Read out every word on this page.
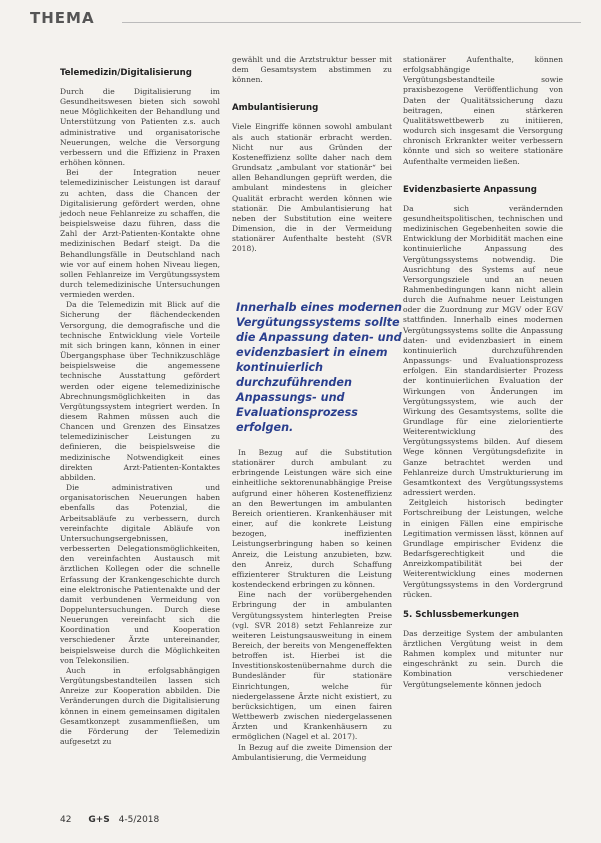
THEMA
Telemedizin/Digitalisierung

Durch die Digitalisierung im Gesundheitswesen bieten sich sowohl neue Möglichkeiten der Behandlung und Unterstützung von Patienten z.s. auch administrative und organisatorische Neuerungen, welche die Versorgung verbessern und die Effizienz in Praxen erhöhen können.

Bei der Integration neuer telemedizinischer Leistungen ist darauf zu achten, dass die Chancen der Digitalisierung gefördert werden, ohne jedoch neue Fehlanreize zu schaffen, die beispielsweise dazu führen, dass die Zahl der Arzt-Patienten-Kontakte ohne medizinischen Bedarf steigt. Da die Behandlungsfälle in Deutschland nach wie vor auf einem hohen Niveau liegen, sollen Fehlanreize im Vergütungssystem durch telemedizinische Untersuchungen vermieden werden.

Da die Telemedizin mit Blick auf die Sicherung der flächendeckenden Versorgung, die demografische und die technische Entwicklung viele Vorteile mit sich bringen kann, können in einer Übergangsphase über Technikzuschläge beispielsweise die angemessene technische Ausstattung gefördert werden oder eigene telemedizinische Abrechnungsmöglichkeiten in das Vergütungssystem integriert werden. In diesem Rahmen müssen auch die Chancen und Grenzen des Einsatzes telemedizinischer Leistungen zu definieren, die beispielsweise die medizinische Notwendigkeit eines direkten Arzt-Patienten-Kontaktes abbilden.

Die administrativen und organisatorischen Neuerungen haben ebenfalls das Potenzial, die Arbeitsabläufe zu verbessern, durch vereinfachte digitale Abläufe von Untersuchungsergebnissen, verbesserten Delegationsmöglichkeiten, den vereinfachten Austausch mit ärztlichen Kollegen oder die schnelle Erfassung der Krankengeschichte durch eine elektronische Patientenakte und der damit verbundenen Vermeidung von Doppeluntersuchungen. Durch diese Neuerungen vereinfacht sich die Koordination und Kooperation verschiedener Ärzte untereinander, beispielsweise durch die Möglichkeiten von Telekonsilien.

Auch in erfolgsabhängigen Vergütungsbestandteilen lassen sich Anreize zur Kooperation abbilden. Die Veränderungen durch die Digitalisierung können in einem gemeinsamen digitalen Gesamtkonzept zusammenfließen, um die Förderung der Telemedizin aufgesetzt zu

gewählt und die Arztstruktur besser mit dem Gesamtsystem abstimmen zu können.

Ambulantisierung

Viele Eingriffe können sowohl ambulant als auch stationär erbracht werden. Nicht nur aus Gründen der Kosteneffizienz sollte daher nach dem Grundsatz „ambulant vor stationär“ bei allen Behandlungen geprüft werden, die ambulant mindestens in gleicher Qualität erbracht werden können wie stationär. Die Ambulantisierung hat neben der Substitution eine weitere Dimension, die in der Vermeidung stationärer Aufenthalte besteht (SVR 2018).

Innerhalb eines modernen Vergütungssystems sollte die Anpassung daten- und evidenzbasiert in einem kontinuierlich durchzuführenden Anpassungs- und Evaluationsprozess erfolgen.

In Bezug auf die Substitution stationärer durch ambulant zu erbringende Leistungen wäre sich eine einheitliche sektorenunabhängige Preise aufgrund einer höheren Kosteneffizienz an den Bewertungen im ambulanten Bereich orientieren. Krankenhäuser mit einer, auf die konkrete Leistung bezogen, ineffizienten Leistungserbringung haben so keinen Anreiz, die Leistung anzubieten, bzw. den Anreiz, durch Schaffung effizienterer Strukturen die Leistung kostendeckend erbringen zu können.

Eine nach der vorübergehenden Erbringung der in ambulanten Vergütungssystem hinterlegten Preise (vgl. SVR 2018) setzt Fehlanreize zur weiteren Leistungsausweitung in einem Bereich, der bereits von Mengeneffekten betroffen ist. Hierbei ist die Investitionskostenübernahme durch die Bundesländer für stationäre Einrichtungen, welche für niedergelassene Ärzte nicht existiert, zu berücksichtigen, um einen fairen Wettbewerb zwischen niedergelassenen Ärzten und Krankenhäusern zu ermöglichen (Nagel et al. 2017).

In Bezug auf die zweite Dimension der Ambulantisierung, die Vermeidung

stationärer Aufenthalte, können erfolgsabhängige Vergütungsbestandteile sowie praxisbezogene Veröffentlichung von Daten der Qualitätssicherung dazu beitragen, einen stärkeren Qualitätswettbewerb zu initiieren, wodurch sich insgesamt die Versorgung chronisch Erkrankter weiter verbessern könnte und sich so weitere stationäre Aufenthalte vermeiden ließen.

Evidenzbasierte Anpassung

Da sich verändernden gesundheitspolitischen, technischen und medizinischen Gegebenheiten sowie die Entwicklung der Morbidität machen eine kontinuierliche Anpassung des Vergütungssystems notwendig. Die Ausrichtung des Systems auf neue Versorgungsziele und an neuen Rahmenbedingungen kann nicht allein durch die Aufnahme neuer Leistungen oder die Zuordnung zur MGV oder EGV stattfinden. Innerhalb eines modernen Vergütungssystems sollte die Anpassung daten- und evidenzbasiert in einem kontinuierlich durchzuführenden Anpassungs- und Evaluationsprozess erfolgen. Ein standardisierter Prozess der kontinuierlichen Evaluation der Wirkungen von Änderungen im Vergütungssystem, wie auch der Wirkung des Gesamtsystems, sollte die Grundlage für eine zielorientierte Weiterentwicklung des Vergütungssystems bilden. Auf diesem Wege können Vergütungsdefizite in Ganze betrachtet werden und Fehlanreize durch Umstrukturierung im Gesamtkontext des Vergütungssystems adressiert werden.

Zeitgleich historisch bedingter Fortschreibung der Leistungen, welche in einigen Fällen eine empirische Legitimation vermissen lässt, können auf Grundlage empirischer Evidenz die Bedarfsgerechtigkeit und die Anreizkompatibilität bei der Weiterentwicklung eines modernen Vergütungssystems in den Vordergrund rücken.

5. Schlussbemerkungen

Das derzeitige System der ambulanten ärztlichen Vergütung weist in dem Rahmen komplex und mitunter nur eingeschränkt zu sein. Durch die Kombination verschiedener Vergütungselemente können jedoch

42 G+S 4-5/2018
